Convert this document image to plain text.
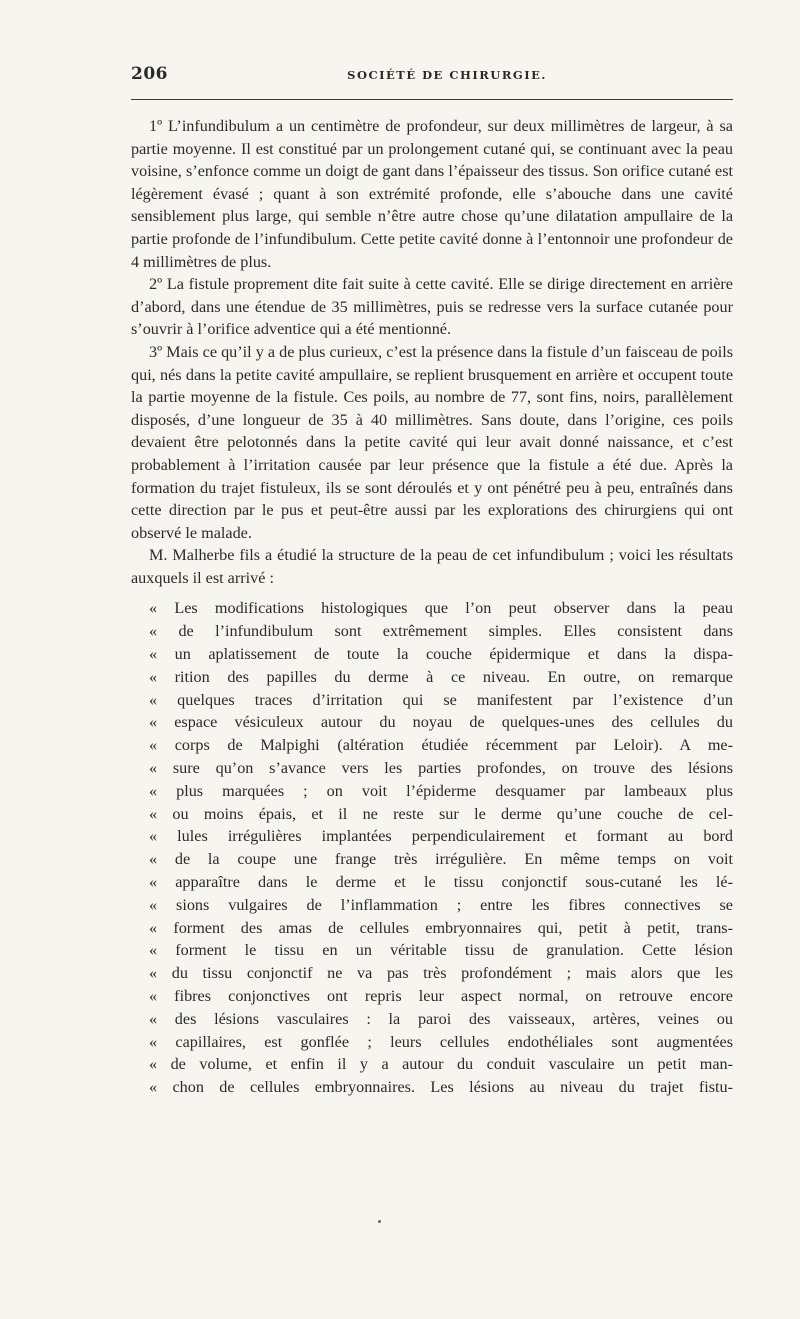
206	SOCIÉTÉ DE CHIRURGIE.

1º L’infundibulum a un centimètre de profondeur, sur deux millimètres de largeur, à sa partie moyenne. Il est constitué par un prolongement cutané qui, se continuant avec la peau voisine, s’enfonce comme un doigt de gant dans l’épaisseur des tissus. Son orifice cutané est légèrement évasé ; quant à son extrémité profonde, elle s’abouche dans une cavité sensiblement plus large, qui semble n’être autre chose qu’une dilatation ampullaire de la partie profonde de l’infundibulum. Cette petite cavité donne à l’entonnoir une profondeur de 4 millimètres de plus.

2º La fistule proprement dite fait suite à cette cavité. Elle se dirige directement en arrière d’abord, dans une étendue de 35 millimètres, puis se redresse vers la surface cutanée pour s’ouvrir à l’orifice adventice qui a été mentionné.

3º Mais ce qu’il y a de plus curieux, c’est la présence dans la fistule d’un faisceau de poils qui, nés dans la petite cavité ampullaire, se replient brusquement en arrière et occupent toute la partie moyenne de la fistule. Ces poils, au nombre de 77, sont fins, noirs, parallèlement disposés, d’une longueur de 35 à 40 millimètres. Sans doute, dans l’origine, ces poils devaient être pelotonnés dans la petite cavité qui leur avait donné naissance, et c’est probablement à l’irritation causée par leur présence que la fistule a été due. Après la formation du trajet fistuleux, ils se sont déroulés et y ont pénétré peu à peu, entraînés dans cette direction par le pus et peut-être aussi par les explorations des chirurgiens qui ont observé le malade.

M. Malherbe fils a étudié la structure de la peau de cet infundibulum ; voici les résultats auxquels il est arrivé :

« Les modifications histologiques que l’on peut observer dans la peau
« de l’infundibulum sont extrêmement simples. Elles consistent dans
« un aplatissement de toute la couche épidermique et dans la dispa-
« rition des papilles du derme à ce niveau. En outre, on remarque
« quelques traces d’irritation qui se manifestent par l’existence d’un
« espace vésiculeux autour du noyau de quelques-unes des cellules du
« corps de Malpighi (altération étudiée récemment par Leloir). A me-
« sure qu’on s’avance vers les parties profondes, on trouve des lésions
« plus marquées ; on voit l’épiderme desquamer par lambeaux plus
« ou moins épais, et il ne reste sur le derme qu’une couche de cel-
« lules irrégulières implantées perpendiculairement et formant au bord
« de la coupe une frange très irrégulière. En même temps on voit
« apparaître dans le derme et le tissu conjonctif sous-cutané les lé-
« sions vulgaires de l’inflammation ; entre les fibres connectives se
« forment des amas de cellules embryonnaires qui, petit à petit, trans-
« forment le tissu en un véritable tissu de granulation. Cette lésion
« du tissu conjonctif ne va pas très profondément ; mais alors que les
« fibres conjonctives ont repris leur aspect normal, on retrouve encore
« des lésions vasculaires : la paroi des vaisseaux, artères, veines ou
« capillaires, est gonflée ; leurs cellules endothéliales sont augmentées
« de volume, et enfin il y a autour du conduit vasculaire un petit man-
« chon de cellules embryonnaires. Les lésions au niveau du trajet fistu-
